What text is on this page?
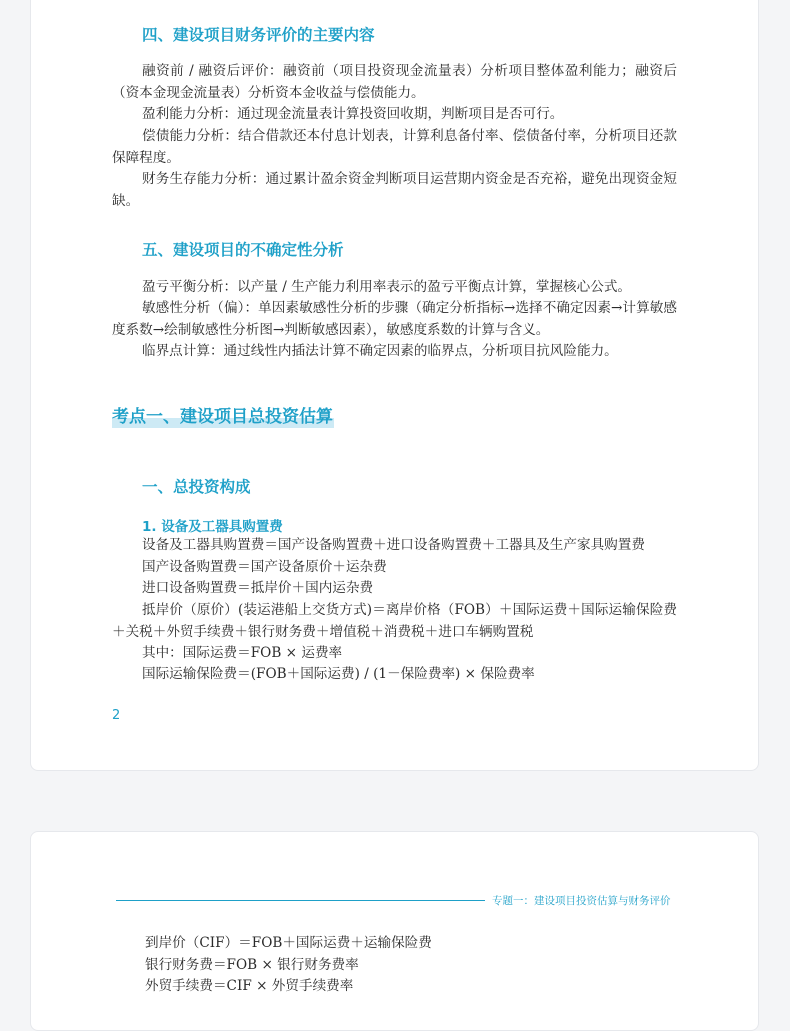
四、建设项目财务评价的主要内容

融资前 / 融资后评价：融资前（项目投资现金流量表）分析项目整体盈利能力；融资后（资本金现金流量表）分析资本金收益与偿债能力。

盈利能力分析：通过现金流量表计算投资回收期，判断项目是否可行。

偿债能力分析：结合借款还本付息计划表，计算利息备付率、偿债备付率，分析项目还款保障程度。

财务生存能力分析：通过累计盈余资金判断项目运营期内资金是否充裕，避免出现资金短缺。

五、建设项目的不确定性分析

盈亏平衡分析：以产量 / 生产能力利用率表示的盈亏平衡点计算，掌握核心公式。

敏感性分析（偏）：单因素敏感性分析的步骤（确定分析指标→选择不确定因素→计算敏感度系数→绘制敏感性分析图→判断敏感因素），敏感度系数的计算与含义。

临界点计算：通过线性内插法计算不确定因素的临界点，分析项目抗风险能力。

考点一、建设项目总投资估算
一、总投资构成
1. 设备及工器具购置费

设备及工器具购置费＝国产设备购置费＋进口设备购置费＋工器具及生产家具购置费

国产设备购置费＝国产设备原价＋运杂费

进口设备购置费＝抵岸价＋国内运杂费

抵岸价（原价）(装运港船上交货方式)＝离岸价格（FOB）＋国际运费＋国际运输保险费＋关税＋外贸手续费＋银行财务费＋增值税＋消费税＋进口车辆购置税

其中：国际运费＝FOB × 运费率

国际运输保险费＝(FOB＋国际运费) / (1－保险费率) × 保险费率

2
专题一：建设项目投资估算与财务评价

到岸价（CIF）＝FOB＋国际运费＋运输保险费

银行财务费＝FOB × 银行财务费率

外贸手续费＝CIF × 外贸手续费率
